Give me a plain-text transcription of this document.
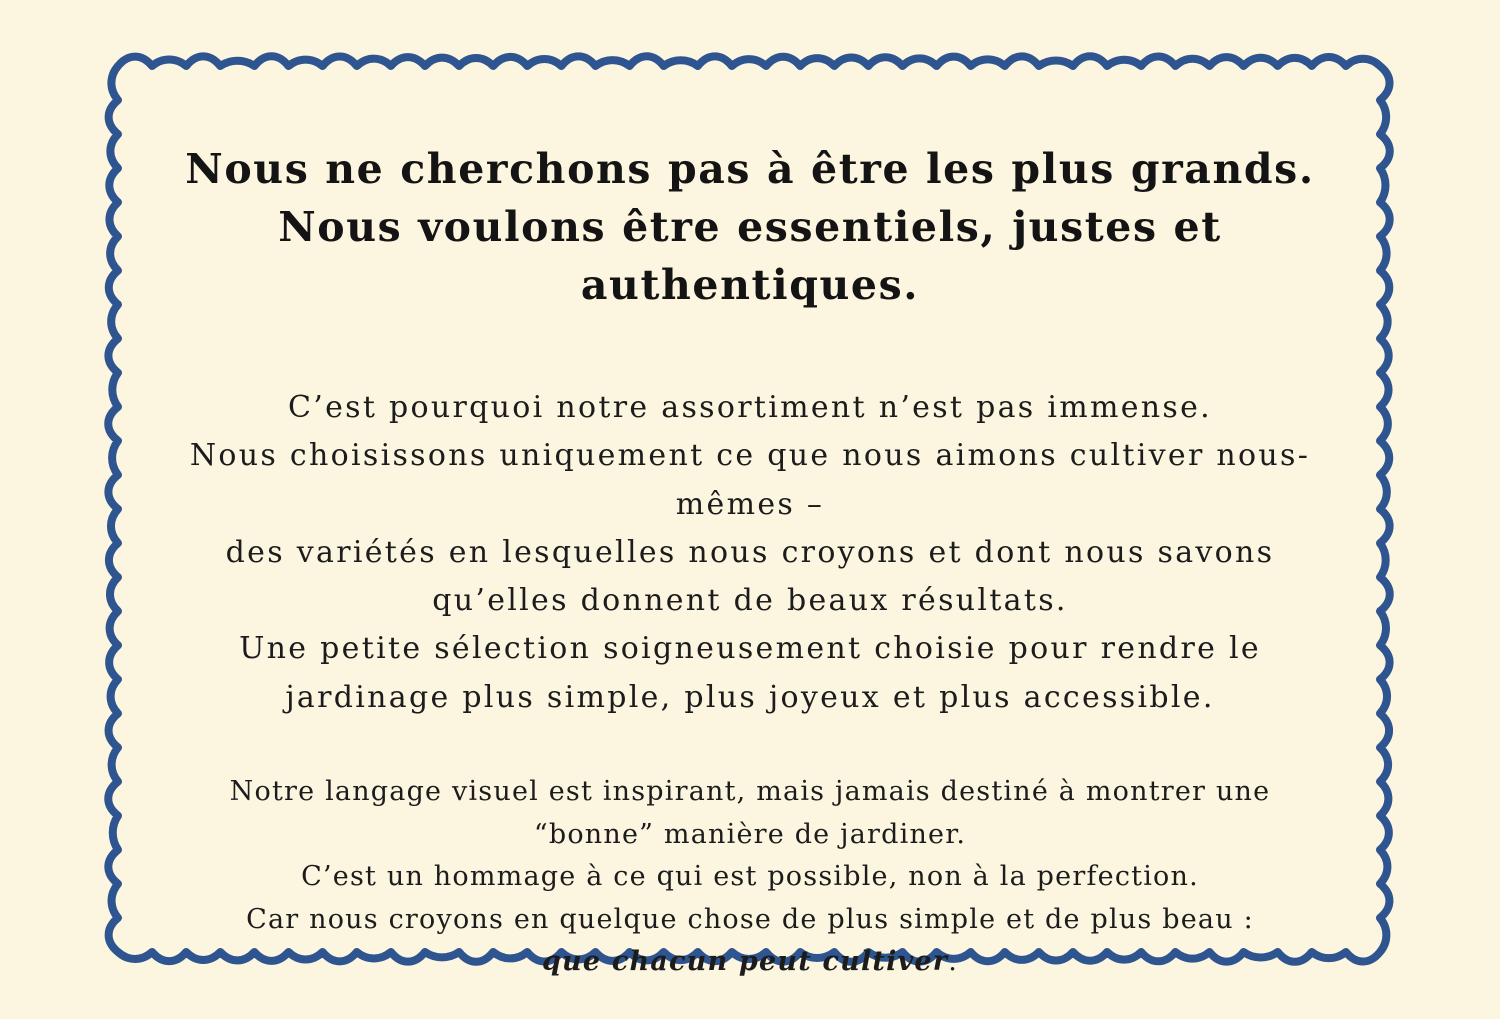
Nous ne cherchons pas à être les plus grands.
Nous voulons être essentiels, justes et authentiques.

C’est pourquoi notre assortiment n’est pas immense.
Nous choisissons uniquement ce que nous aimons cultiver nous-
mêmes –
des variétés en lesquelles nous croyons et dont nous savons
qu’elles donnent de beaux résultats.
Une petite sélection soigneusement choisie pour rendre le
jardinage plus simple, plus joyeux et plus accessible.

Notre langage visuel est inspirant, mais jamais destiné à montrer une
“bonne” manière de jardiner.
C’est un hommage à ce qui est possible, non à la perfection.
Car nous croyons en quelque chose de plus simple et de plus beau :
que chacun peut cultiver.
